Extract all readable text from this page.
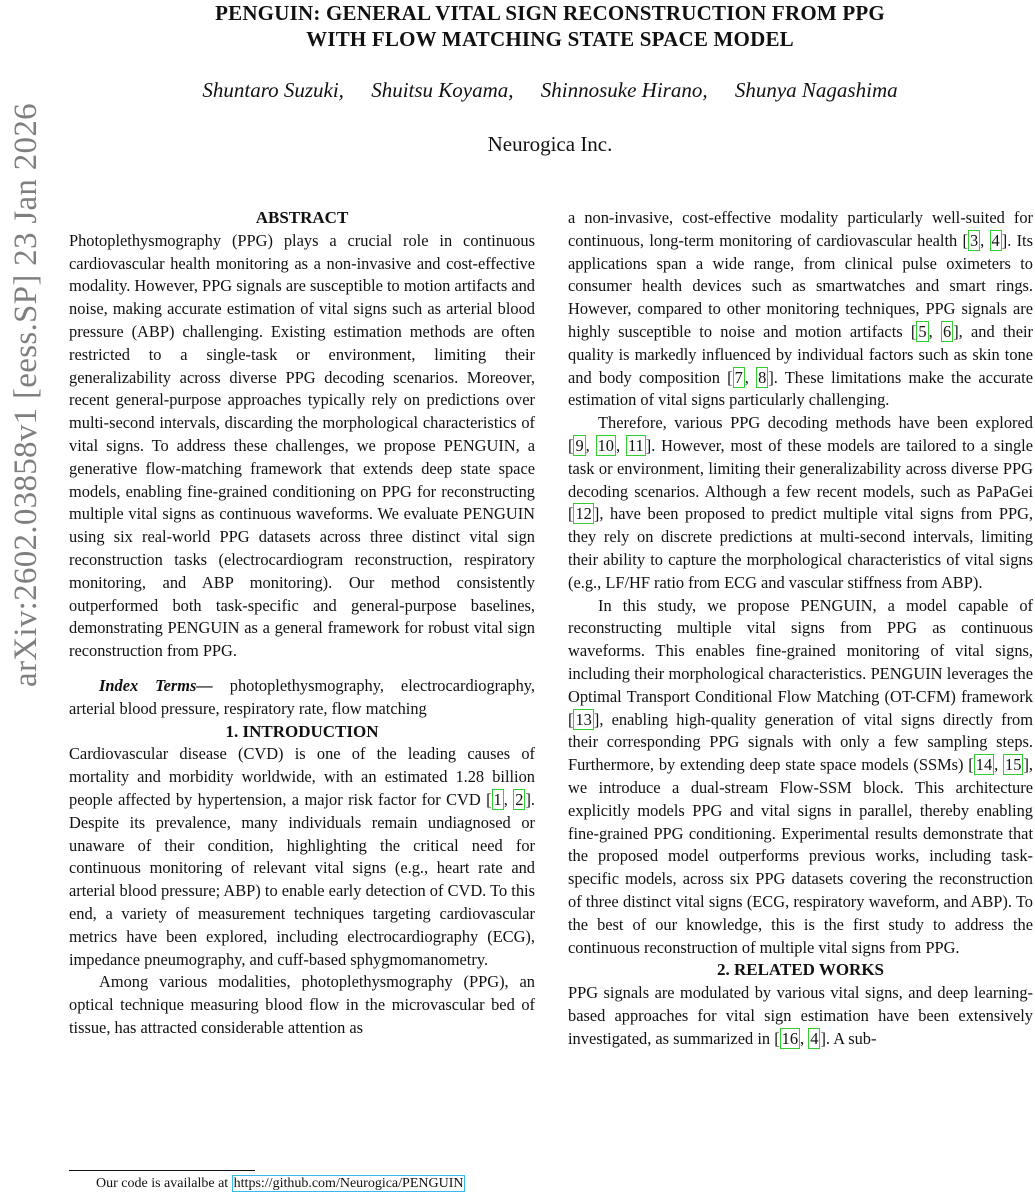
PENGUIN: GENERAL VITAL SIGN RECONSTRUCTION FROM PPG
WITH FLOW MATCHING STATE SPACE MODEL
Shuntaro Suzuki, Shuitsu Koyama, Shinnosuke Hirano, Shunya Nagashima
Neurogica Inc.
arXiv:2602.03858v1 [eess.SP] 23 Jan 2026	ABSTRACT

Photoplethysmography (PPG) plays a crucial role in continuous cardiovascular health monitoring as a non-invasive and cost-effective modality. However, PPG signals are susceptible to motion artifacts and noise, making accurate estimation of vital signs such as arterial blood pressure (ABP) challenging. Existing estimation methods are often restricted to a single-task or environment, limiting their generalizability across diverse PPG decoding scenarios. Moreover, recent general-purpose approaches typically rely on predictions over multi-second intervals, discarding the morphological characteristics of vital signs. To address these challenges, we propose PENGUIN, a generative flow-matching framework that extends deep state space models, enabling fine-grained conditioning on PPG for reconstructing multiple vital signs as continuous waveforms. We evaluate PENGUIN using six real-world PPG datasets across three distinct vital sign reconstruction tasks (electrocardiogram reconstruction, respiratory monitoring, and ABP monitoring). Our method consistently outperformed both task-specific and general-purpose baselines, demonstrating PENGUIN as a general framework for robust vital sign reconstruction from PPG.

Index Terms— photoplethysmography, electrocardiography, arterial blood pressure, respiratory rate, flow matching

1. INTRODUCTION

Cardiovascular disease (CVD) is one of the leading causes of mortality and morbidity worldwide, with an estimated 1.28 billion people affected by hypertension, a major risk factor for CVD [ 1 , 2 ]. Despite its prevalence, many individuals remain undiagnosed or unaware of their condition, highlighting the critical need for continuous monitoring of relevant vital signs (e.g., heart rate and arterial blood pressure; ABP) to enable early detection of CVD. To this end, a variety of measurement techniques targeting cardiovascular metrics have been explored, including electrocardiography (ECG), impedance pneumography, and cuff-based sphygmomanometry.

Among various modalities, photoplethysmography (PPG), an optical technique measuring blood flow in the microvascular bed of tissue, has attracted considerable attention as

a non-invasive, cost-effective modality particularly well-suited for continuous, long-term monitoring of cardiovascular health [ 3 , 4 ]. Its applications span a wide range, from clinical pulse oximeters to consumer health devices such as smartwatches and smart rings. However, compared to other monitoring techniques, PPG signals are highly susceptible to noise and motion artifacts [ 5 , 6 ], and their quality is markedly influenced by individual factors such as skin tone and body composition [ 7 , 8 ]. These limitations make the accurate estimation of vital signs particularly challenging.

Therefore, various PPG decoding methods have been explored [ 9 , 10 , 11 ]. However, most of these models are tailored to a single task or environment, limiting their generalizability across diverse PPG decoding scenarios. Although a few recent models, such as PaPaGei [ 12 ], have been proposed to predict multiple vital signs from PPG, they rely on discrete predictions at multi-second intervals, limiting their ability to capture the morphological characteristics of vital signs (e.g., LF/HF ratio from ECG and vascular stiffness from ABP).

In this study, we propose PENGUIN, a model capable of reconstructing multiple vital signs from PPG as continuous waveforms. This enables fine-grained monitoring of vital signs, including their morphological characteristics. PENGUIN leverages the Optimal Transport Conditional Flow Matching (OT-CFM) framework [ 13 ], enabling high-quality generation of vital signs directly from their corresponding PPG signals with only a few sampling steps. Furthermore, by extending deep state space models (SSMs) [ 14 , 15 ], we introduce a dual-stream Flow-SSM block. This architecture explicitly models PPG and vital signs in parallel, thereby enabling fine-grained PPG conditioning. Experimental results demonstrate that the proposed model outperforms previous works, including task-specific models, across six PPG datasets covering the reconstruction of three distinct vital signs (ECG, respiratory waveform, and ABP). To the best of our knowledge, this is the first study to address the continuous reconstruction of multiple vital signs from PPG.

2. RELATED WORKS

PPG signals are modulated by various vital signs, and deep learning-based approaches for vital sign estimation have been extensively investigated, as summarized in [ 16 , 4 ]. A sub-

Our code is availalbe at https://github.com/Neurogica/PENGUIN
